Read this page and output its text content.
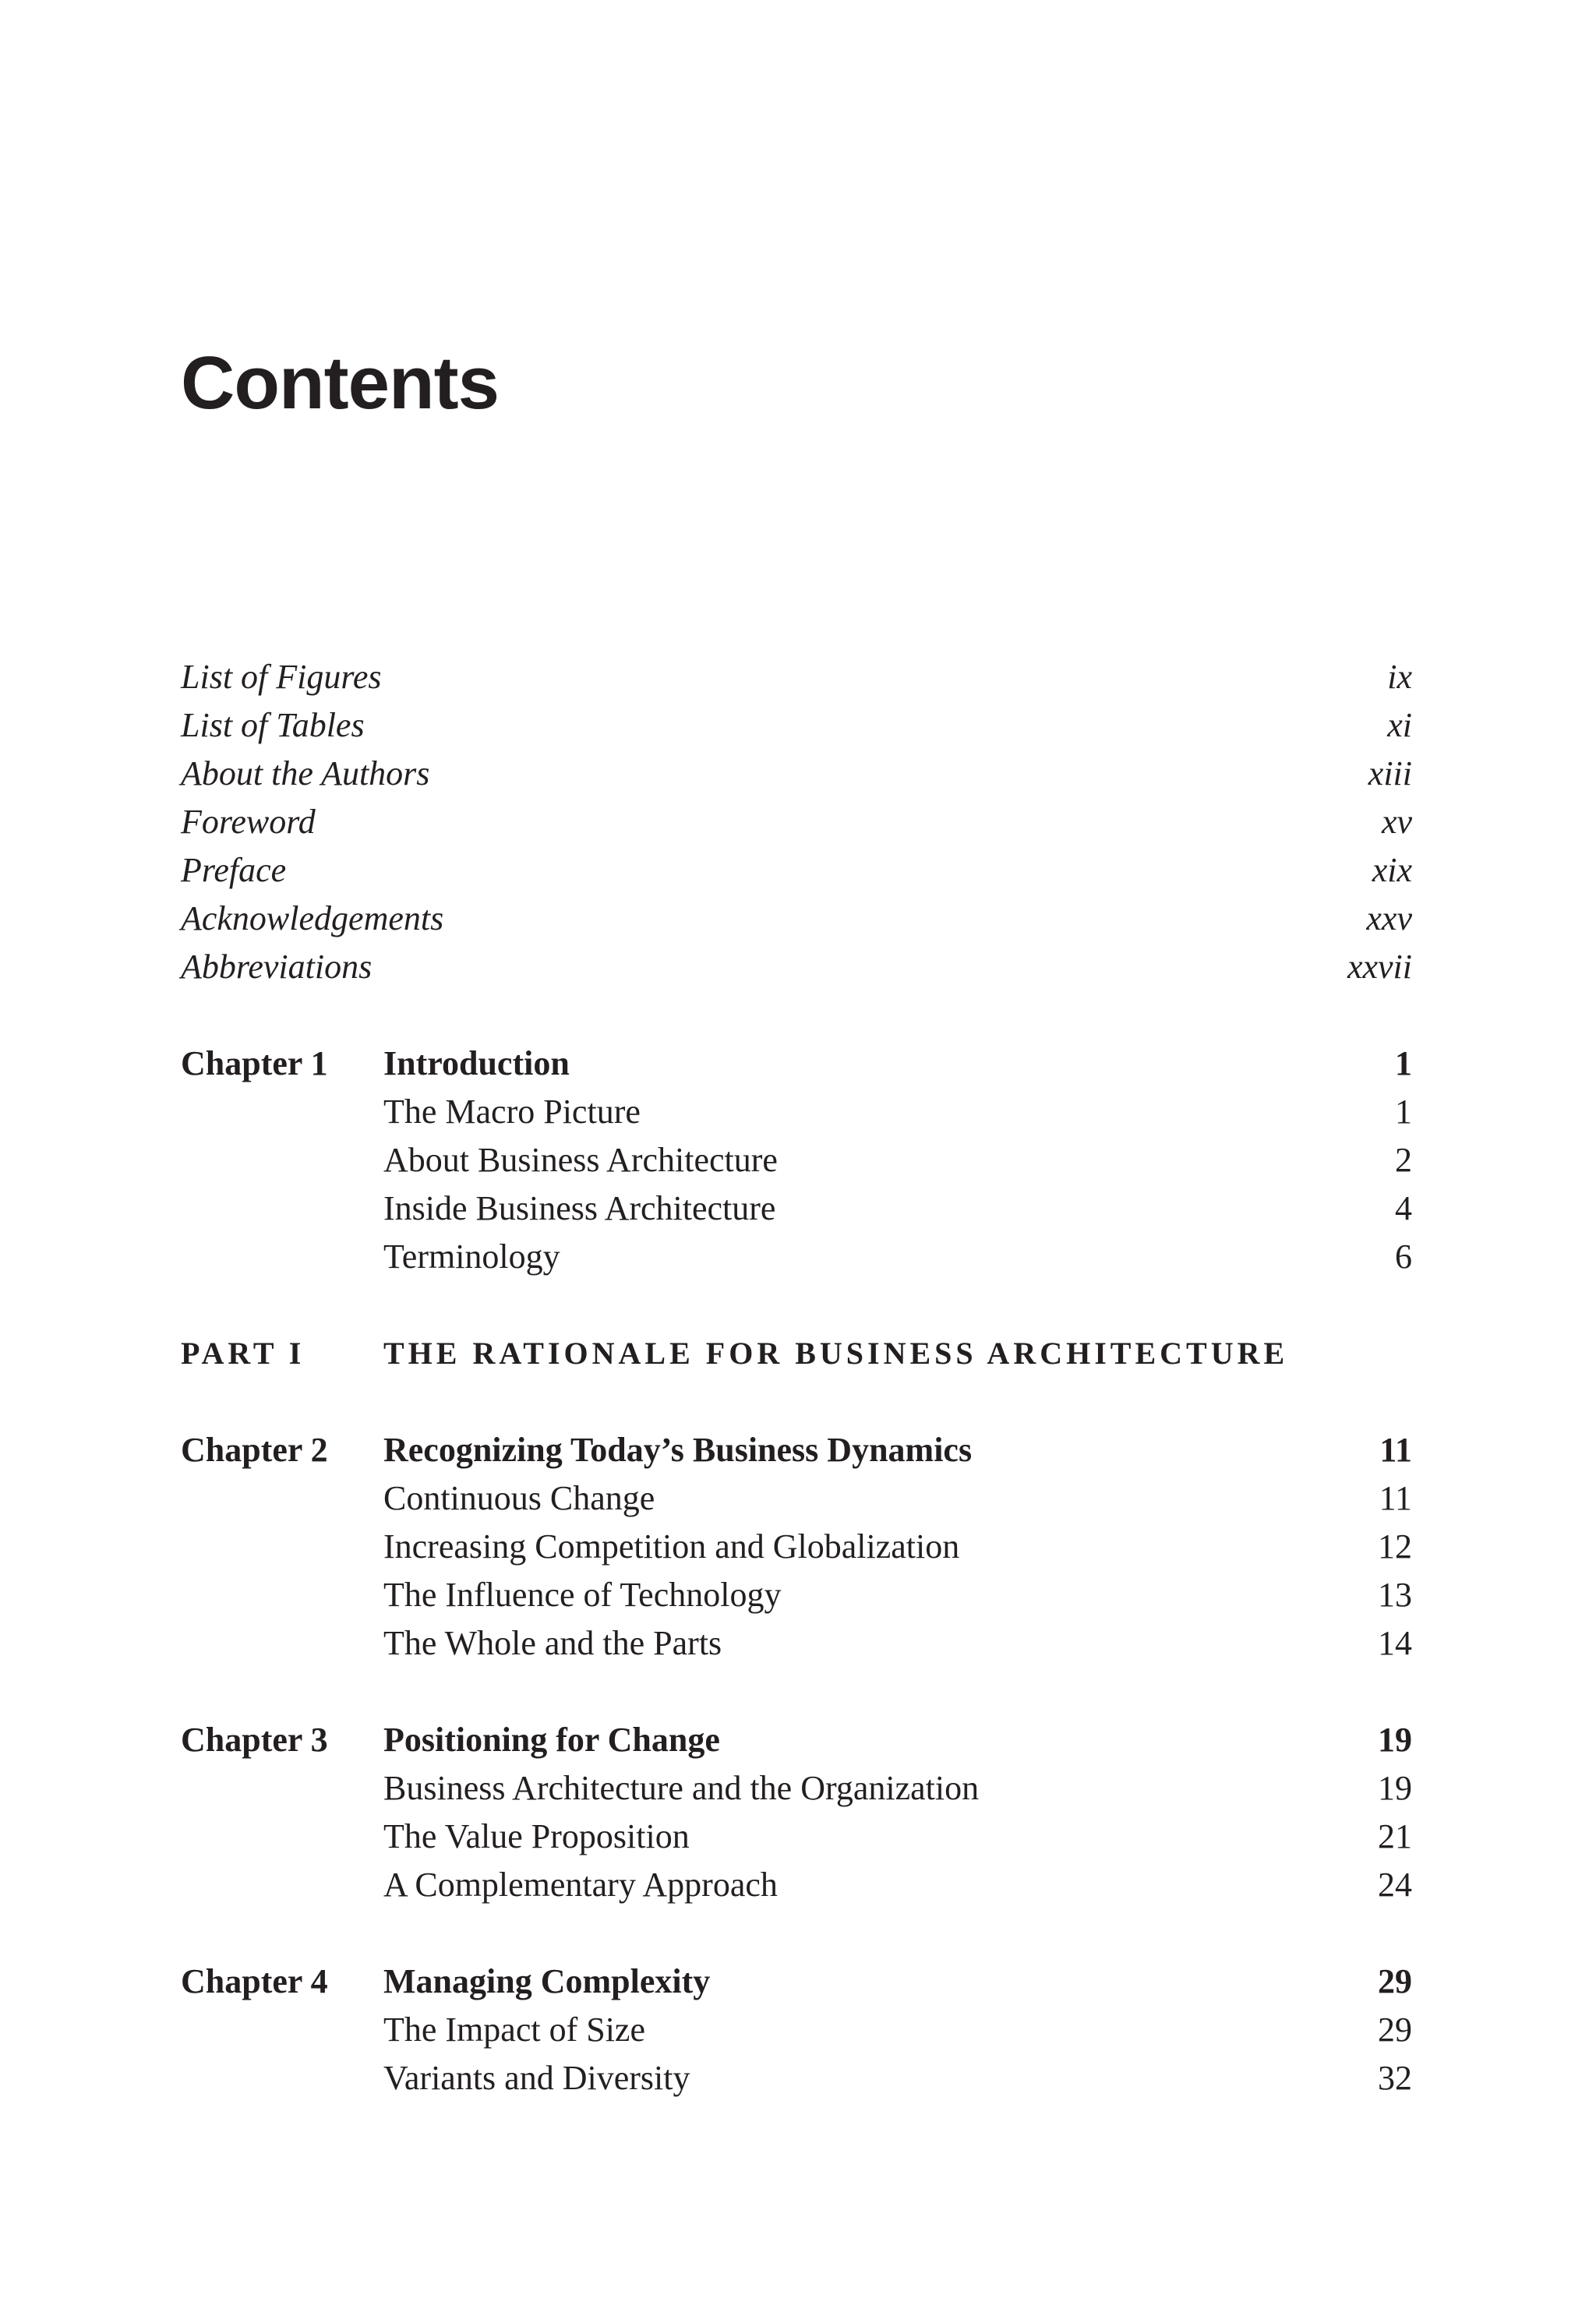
Contents
List of Figures	ix
List of Tables	xi
About the Authors	xiii
Foreword	xv
Preface	xix
Acknowledgements	xxv
Abbreviations	xxvii
Chapter 1 Introduction	1
The Macro Picture	1
About Business Architecture	2
Inside Business Architecture	4
Terminology	6
PART I	THE RATIONALE FOR BUSINESS ARCHITECTURE
Chapter 2 Recognizing Today’s Business Dynamics	11
Continuous Change	11
Increasing Competition and Globalization	12
The Influence of Technology	13
The Whole and the Parts	14
Chapter 3 Positioning for Change	19
Business Architecture and the Organization	19
The Value Proposition	21
A Complementary Approach	24
Chapter 4 Managing Complexity	29
The Impact of Size	29
Variants and Diversity	32
